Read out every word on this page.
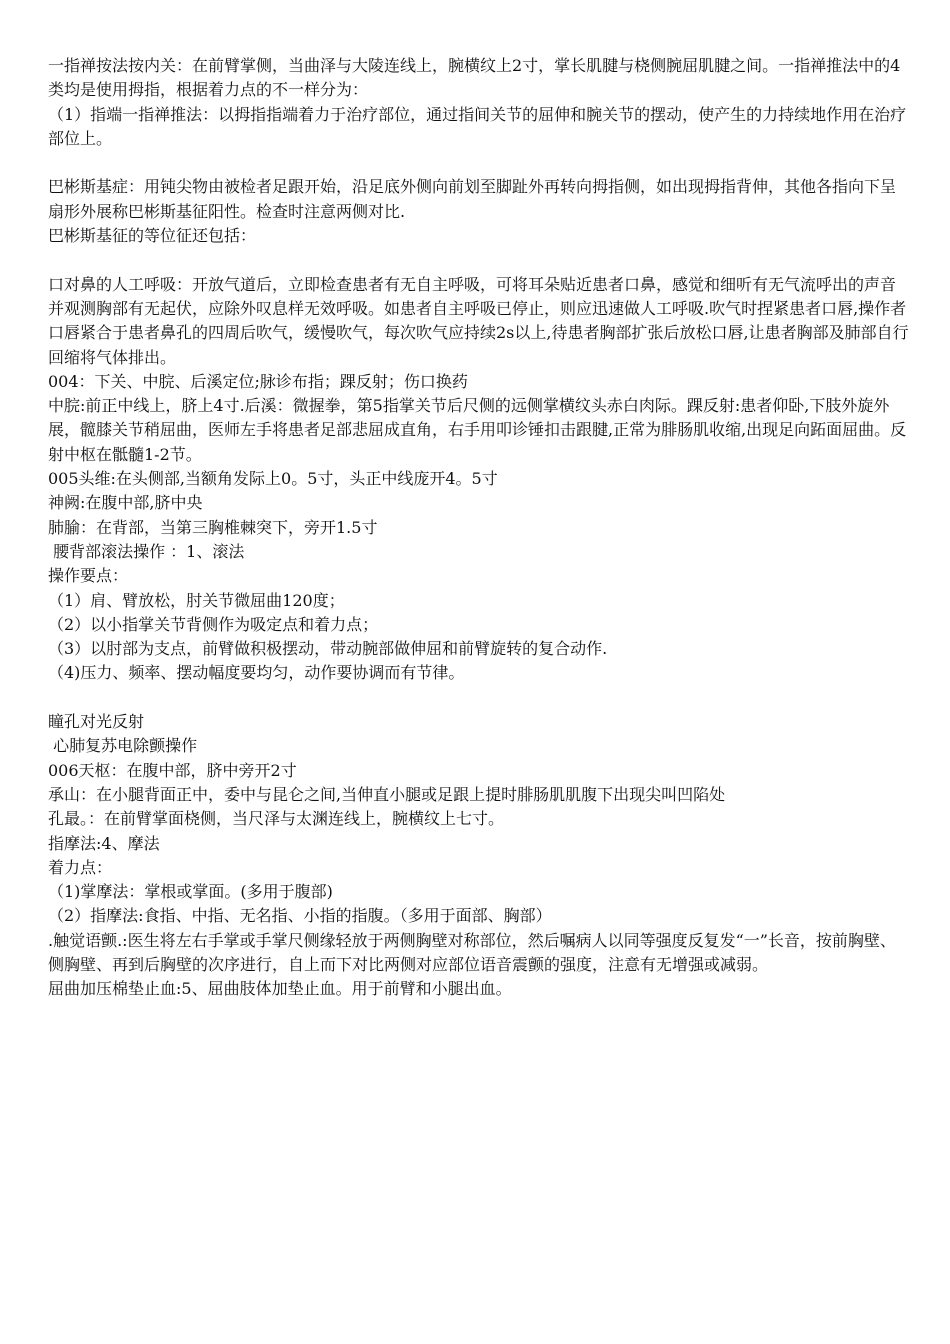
一指禅按法按内关：在前臂掌侧，当曲泽与大陵连线上，腕横纹上2寸，掌长肌腱与桡侧腕屈肌腱之间。一指禅推法中的4类均是使用拇指，根据着力点的不一样分为：

（1）指端一指禅推法：以拇指指端着力于治疗部位，通过指间关节的屈伸和腕关节的摆动，使产生的力持续地作用在治疗部位上。

巴彬斯基症：用钝尖物由被检者足跟开始，沿足底外侧向前划至脚趾外再转向拇指侧，如出现拇指背伸，其他各指向下呈扇形外展称巴彬斯基征阳性。检查时注意两侧对比.

巴彬斯基征的等位征还包括：

口对鼻的人工呼吸：开放气道后，立即检查患者有无自主呼吸，可将耳朵贴近患者口鼻，感觉和细听有无气流呼出的声音并观测胸部有无起伏，应除外叹息样无效呼吸。如患者自主呼吸已停止，则应迅速做人工呼吸.吹气时捏紧患者口唇,操作者口唇紧合于患者鼻孔的四周后吹气，缓慢吹气，每次吹气应持续2s以上,待患者胸部扩张后放松口唇,让患者胸部及肺部自行回缩将气体排出。

004：下关、中脘、后溪定位;脉诊布指；踝反射；伤口换药

中脘:前正中线上，脐上4寸.后溪：微握拳，第5指掌关节后尺侧的远侧掌横纹头赤白肉际。踝反射:患者仰卧,下肢外旋外展，髋膝关节稍屈曲，医师左手将患者足部悲屈成直角，右手用叩诊锤扣击跟腱,正常为腓肠肌收缩,出现足向跖面屈曲。反射中枢在骶髓1-2节。

005头维:在头侧部,当额角发际上0。5寸，头正中线庞开4。5寸

神阙:在腹中部,脐中央

肺腧：在背部，当第三胸椎棘突下，旁开1.5寸

腰背部滚法操作 ：1、滚法

操作要点：

（1）肩、臂放松，肘关节微屈曲120度；

（2）以小指掌关节背侧作为吸定点和着力点；

（3）以肘部为支点，前臂做积极摆动，带动腕部做伸屈和前臂旋转的复合动作.

（4)压力、频率、摆动幅度要均匀，动作要协调而有节律。

瞳孔对光反射

心肺复苏电除颤操作

006天枢：在腹中部，脐中旁开2寸

承山：在小腿背面正中，委中与昆仑之间,当伸直小腿或足跟上提时腓肠肌肌腹下出现尖叫凹陷处

孔最。：在前臂掌面桡侧，当尺泽与太渊连线上，腕横纹上七寸。

指摩法:4、摩法

着力点：

（1)掌摩法：掌根或掌面。(多用于腹部)

（2）指摩法:食指、中指、无名指、小指的指腹。（多用于面部、胸部）

.触觉语颤.:医生将左右手掌或手掌尺侧缘轻放于两侧胸壁对称部位，然后嘱病人以同等强度反复发“一”长音，按前胸壁、侧胸壁、再到后胸壁的次序进行，自上而下对比两侧对应部位语音震颤的强度，注意有无增强或减弱。

屈曲加压棉垫止血:5、屈曲肢体加垫止血。用于前臂和小腿出血。
